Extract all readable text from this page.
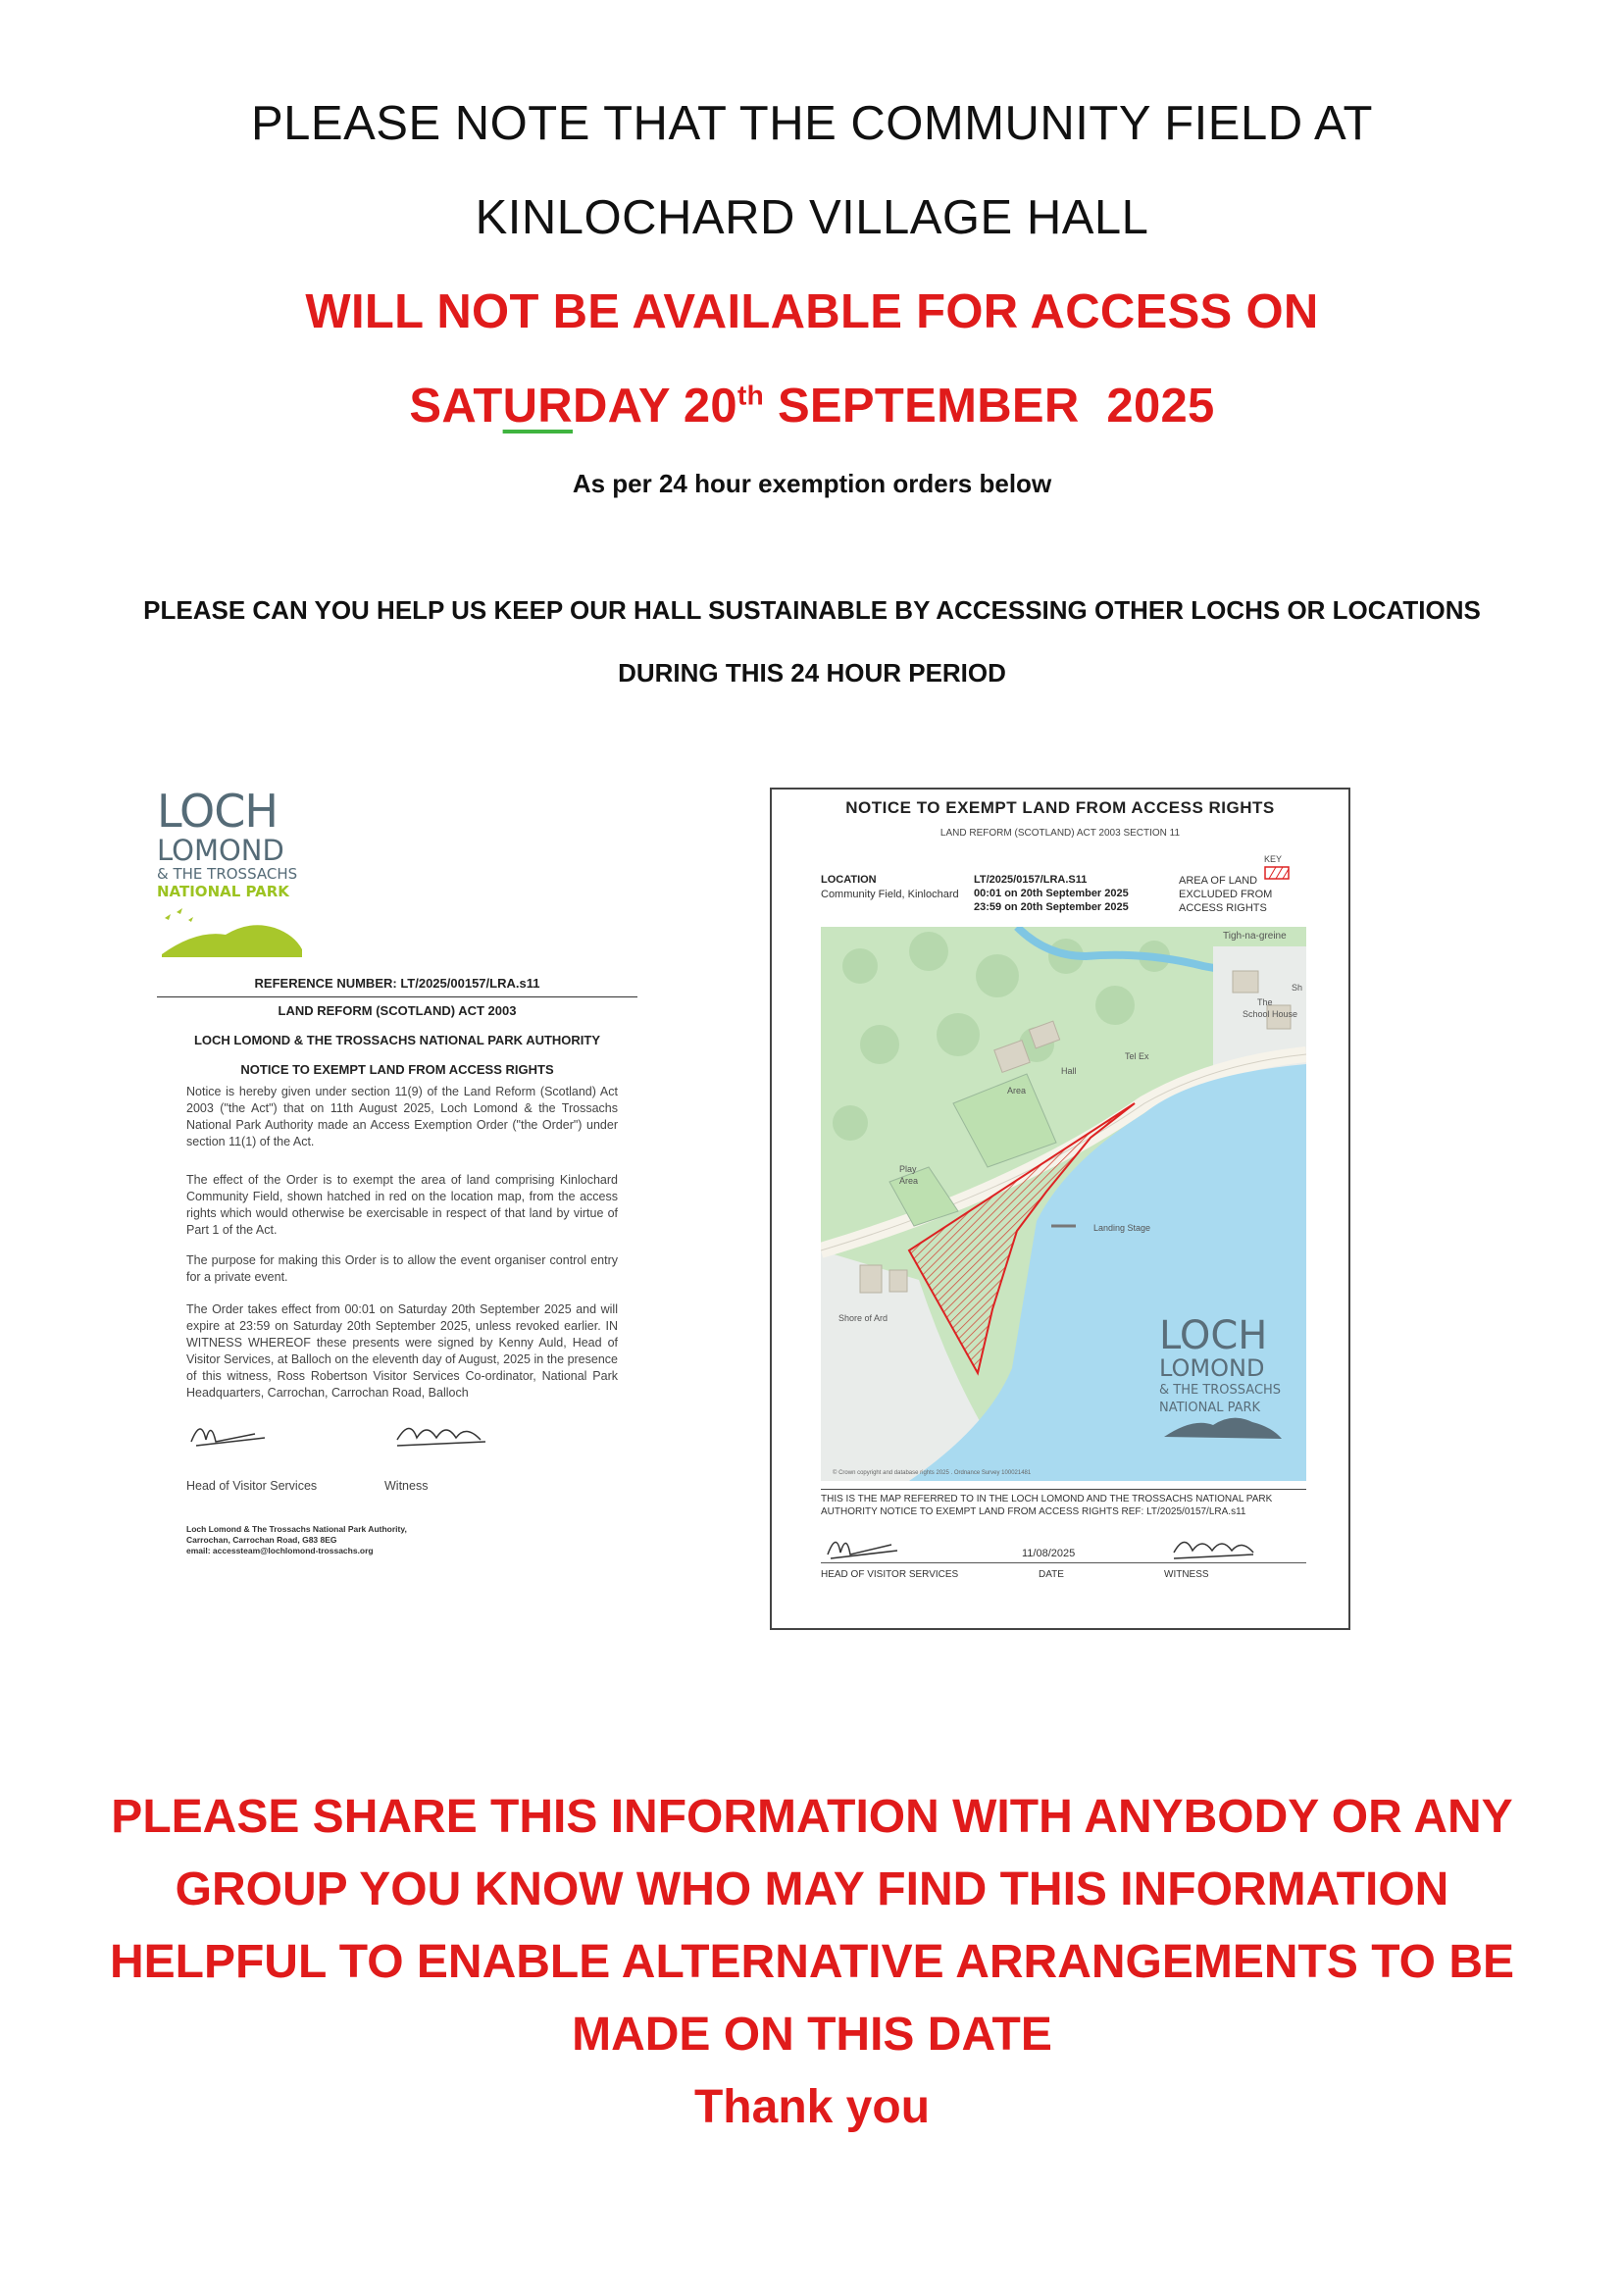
PLEASE NOTE THAT THE COMMUNITY FIELD AT
KINLOCHARD VILLAGE HALL
WILL NOT BE AVAILABLE FOR ACCESS ON
SATURDAY 20th SEPTEMBER  2025
As per 24 hour exemption orders below
PLEASE CAN YOU HELP US KEEP OUR HALL SUSTAINABLE BY ACCESSING OTHER LOCHS OR LOCATIONS
DURING THIS 24 HOUR PERIOD
LOCH
LOMOND
& THE TROSSACHS
NATIONAL PARK
REFERENCE NUMBER: LT/2025/00157/LRA.s11
LAND REFORM (SCOTLAND) ACT 2003
LOCH LOMOND & THE TROSSACHS NATIONAL PARK AUTHORITY
NOTICE TO EXEMPT LAND FROM ACCESS RIGHTS
Notice is hereby given under section 11(9) of the Land Reform (Scotland) Act 2003 ("the Act") that on 11th August 2025, Loch Lomond & the Trossachs National Park Authority made an Access Exemption Order ("the Order") under section 11(1) of the Act.
The effect of the Order is to exempt the area of land comprising Kinlochard Community Field, shown hatched in red on the location map, from the access rights which would otherwise be exercisable in respect of that land by virtue of Part 1 of the Act.
The purpose for making this Order is to allow the event organiser control entry for a private event.
The Order takes effect from 00:01 on Saturday 20th September 2025 and will expire at 23:59 on Saturday 20th September 2025, unless revoked earlier. IN WITNESS WHEREOF these presents were signed by Kenny Auld, Head of Visitor Services, at Balloch on the eleventh day of August, 2025 in the presence of this witness, Ross Robertson Visitor Services Co-ordinator, National Park Headquarters, Carrochan, Carrochan Road, Balloch
Head of Visitor Services	Witness
Loch Lomond & The Trossachs National Park Authority,
Carrochan, Carrochan Road, G83 8EG
email: accessteam@lochlomond-trossachs.org
NOTICE TO EXEMPT LAND FROM ACCESS RIGHTS
LAND REFORM (SCOTLAND) ACT 2003 SECTION 11
KEY
LOCATION
Community Field, Kinlochard
LT/2025/0157/LRA.S11
00:01 on 20th September 2025
23:59 on 20th September 2025
AREA OF LAND
EXCLUDED FROM
ACCESS RIGHTS
Tigh-na-greine
The
School House
Sh
Tel Ex
Hall
Area
Play
Area
Landing Stage
Shore of Ard	LOCH
LOMOND
& THE TROSSACHS
NATIONAL PARK
© Crown copyright and database rights 2025 . Ordnance Survey 100021481
THIS IS THE MAP REFERRED TO IN THE LOCH LOMOND AND THE TROSSACHS NATIONAL PARK
AUTHORITY NOTICE TO EXEMPT LAND FROM ACCESS RIGHTS REF: LT/2025/0157/LRA.s11
11/08/2025
HEAD OF VISITOR SERVICES	DATE	WITNESS
PLEASE SHARE THIS INFORMATION WITH ANYBODY OR ANY
GROUP YOU KNOW WHO MAY FIND THIS INFORMATION
HELPFUL TO ENABLE ALTERNATIVE ARRANGEMENTS TO BE
MADE ON THIS DATE
Thank you
